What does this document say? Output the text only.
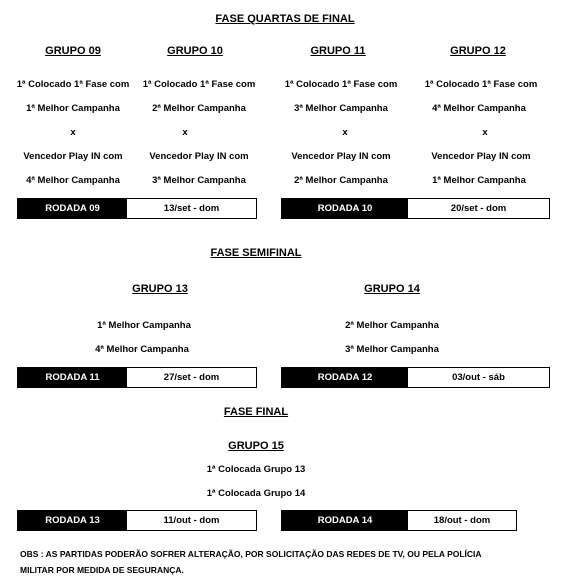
FASE QUARTAS DE FINAL
GRUPO 09
1ª Colocado 1ª Fase com
1ª Melhor Campanha
x
Vencedor Play IN com
4ª Melhor Campanha
GRUPO 10
1ª Colocado 1ª Fase com
2ª Melhor Campanha
x
Vencedor Play IN com
3ª Melhor Campanha
GRUPO 11
1ª Colocado 1ª Fase com
3ª Melhor Campanha
x
Vencedor Play IN com
2ª Melhor Campanha
GRUPO 12
1ª Colocado 1ª Fase com
4ª Melhor Campanha
x
Vencedor Play IN com
1ª Melhor Campanha
RODADA 09	13/set - dom	RODADA 10	20/set - dom
FASE SEMIFINAL
GRUPO 13
1ª Melhor Campanha
4ª Melhor Campanha
GRUPO 14
2ª Melhor Campanha
3ª Melhor Campanha
RODADA 11	27/set - dom	RODADA 12	03/out - sáb
FASE FINAL
GRUPO 15
1ª Colocada Grupo 13
1ª Colocada Grupo 14
RODADA 13	11/out - dom	RODADA 14	18/out - dom
OBS : AS PARTIDAS PODERÃO SOFRER ALTERAÇÃO, POR SOLICITAÇÃO DAS REDES DE TV, OU PELA POLÍCIA
MILITAR POR MEDIDA DE SEGURANÇA.
